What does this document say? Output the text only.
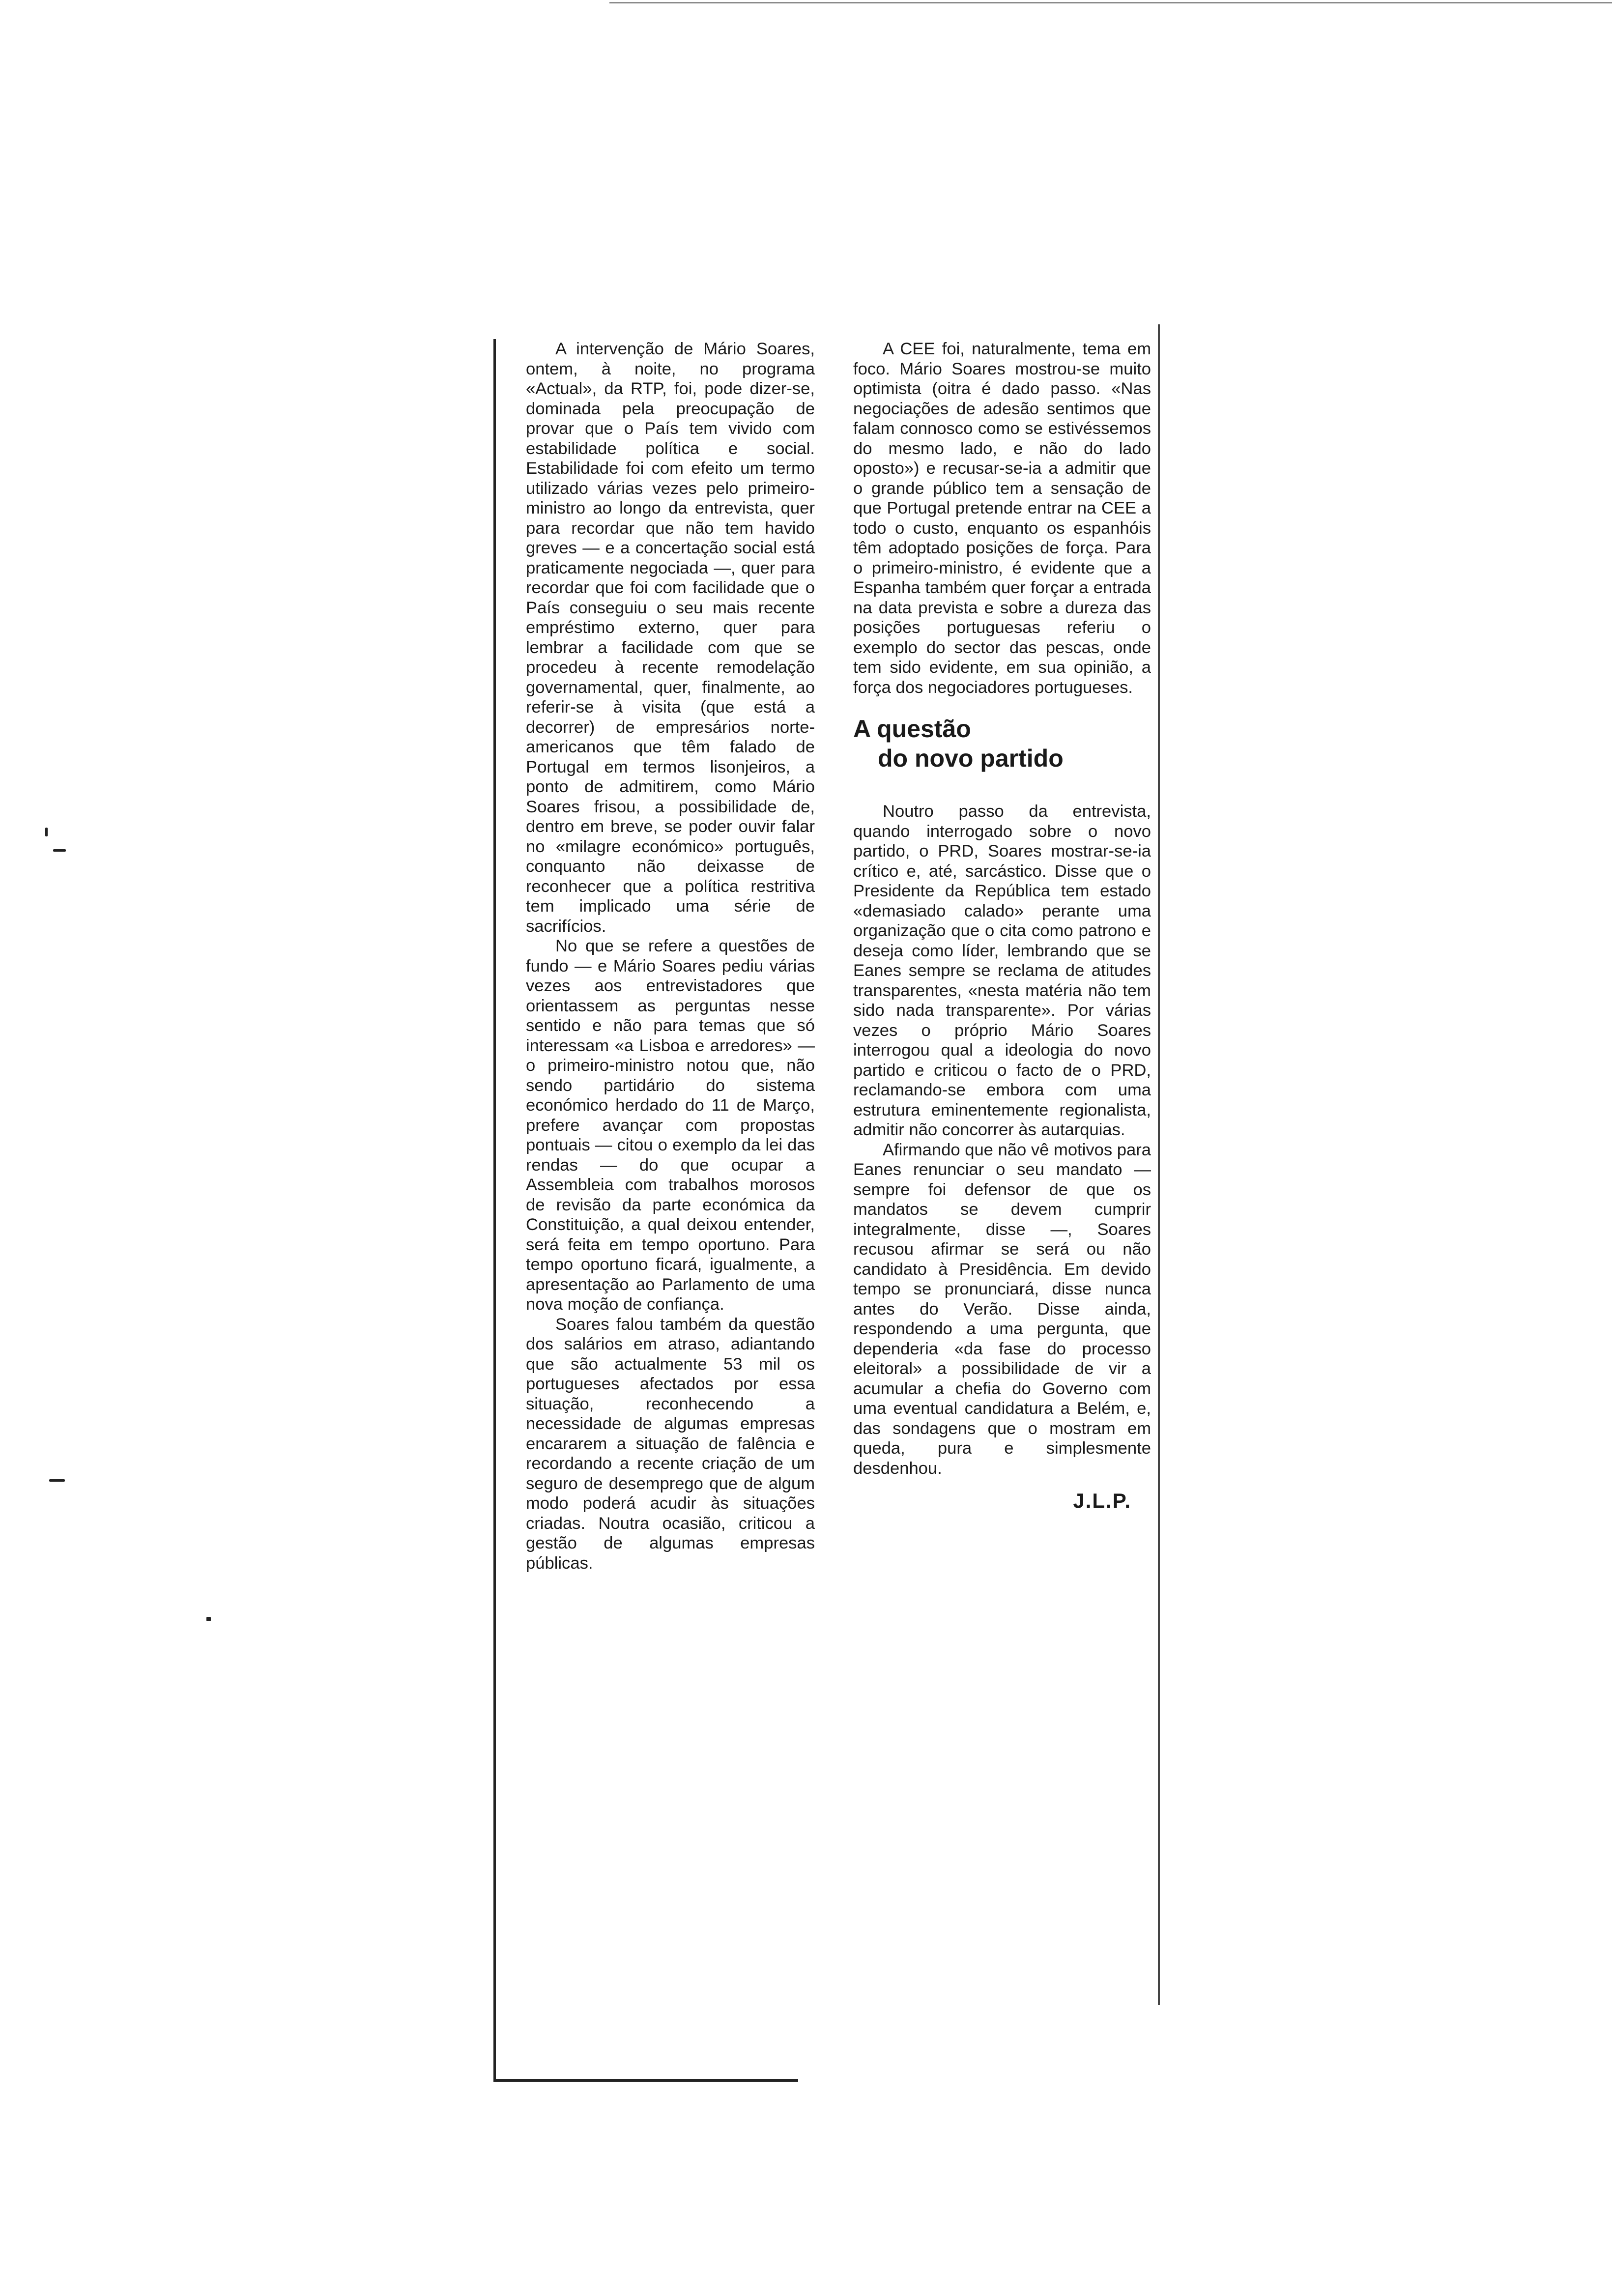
A intervenção de Mário Soares, ontem, à noite, no programa «Actual», da RTP, foi, pode dizer-se, dominada pela preocupação de provar que o País tem vivido com estabilidade política e social. Estabilidade foi com efeito um termo utilizado várias vezes pelo primeiro-ministro ao longo da entrevista, quer para recordar que não tem havido greves — e a concertação social está praticamente negociada —, quer para recordar que foi com facilidade que o País conseguiu o seu mais recente empréstimo externo, quer para lembrar a facilidade com que se procedeu à recente remodelação governamental, quer, finalmente, ao referir-se à visita (que está a decorrer) de empresários norte-americanos que têm falado de Portugal em termos lisonjeiros, a ponto de admitirem, como Mário Soares frisou, a possibilidade de, dentro em breve, se poder ouvir falar no «milagre económico» português, conquanto não deixasse de reconhecer que a política restritiva tem implicado uma série de sacrifícios.

No que se refere a questões de fundo — e Mário Soares pediu várias vezes aos entrevistadores que orientassem as perguntas nesse sentido e não para temas que só interessam «a Lisboa e arredores» — o primeiro-ministro notou que, não sendo partidário do sistema económico herdado do 11 de Março, prefere avançar com propostas pontuais — citou o exemplo da lei das rendas — do que ocupar a Assembleia com trabalhos morosos de revisão da parte económica da Constituição, a qual deixou entender, será feita em tempo oportuno. Para tempo oportuno ficará, igualmente, a apresentação ao Parlamento de uma nova moção de confiança.

Soares falou também da questão dos salários em atraso, adiantando que são actualmente 53 mil os portugueses afectados por essa situação, reconhecendo a necessidade de algumas empresas encararem a situação de falência e recordando a recente criação de um seguro de desemprego que de algum modo poderá acudir às situações criadas. Noutra ocasião, criticou a gestão de algumas empresas públicas.

A CEE foi, naturalmente, tema em foco. Mário Soares mostrou-se muito optimista (oitra é dado passo. «Nas negociações de adesão sentimos que falam connosco como se estivéssemos do mesmo lado, e não do lado oposto») e recusar-se-ia a admitir que o grande público tem a sensação de que Portugal pretende entrar na CEE a todo o custo, enquanto os espanhóis têm adoptado posições de força. Para o primeiro-ministro, é evidente que a Espanha também quer forçar a entrada na data prevista e sobre a dureza das posições portuguesas referiu o exemplo do sector das pescas, onde tem sido evidente, em sua opinião, a força dos negociadores portugueses.

A questão
do novo partido

Noutro passo da entrevista, quando interrogado sobre o novo partido, o PRD, Soares mostrar-se-ia crítico e, até, sarcástico. Disse que o Presidente da República tem estado «demasiado calado» perante uma organização que o cita como patrono e deseja como líder, lembrando que se Eanes sempre se reclama de atitudes transparentes, «nesta matéria não tem sido nada transparente». Por várias vezes o próprio Mário Soares interrogou qual a ideologia do novo partido e criticou o facto de o PRD, reclamando-se embora com uma estrutura eminentemente regionalista, admitir não concorrer às autarquias.

Afirmando que não vê motivos para Eanes renunciar o seu mandato — sempre foi defensor de que os mandatos se devem cumprir integralmente, disse —, Soares recusou afirmar se será ou não candidato à Presidência. Em devido tempo se pronunciará, disse nunca antes do Verão. Disse ainda, respondendo a uma pergunta, que dependeria «da fase do processo eleitoral» a possibilidade de vir a acumular a chefia do Governo com uma eventual candidatura a Belém, e, das sondagens que o mostram em queda, pura e simplesmente desdenhou.

J.L.P.
